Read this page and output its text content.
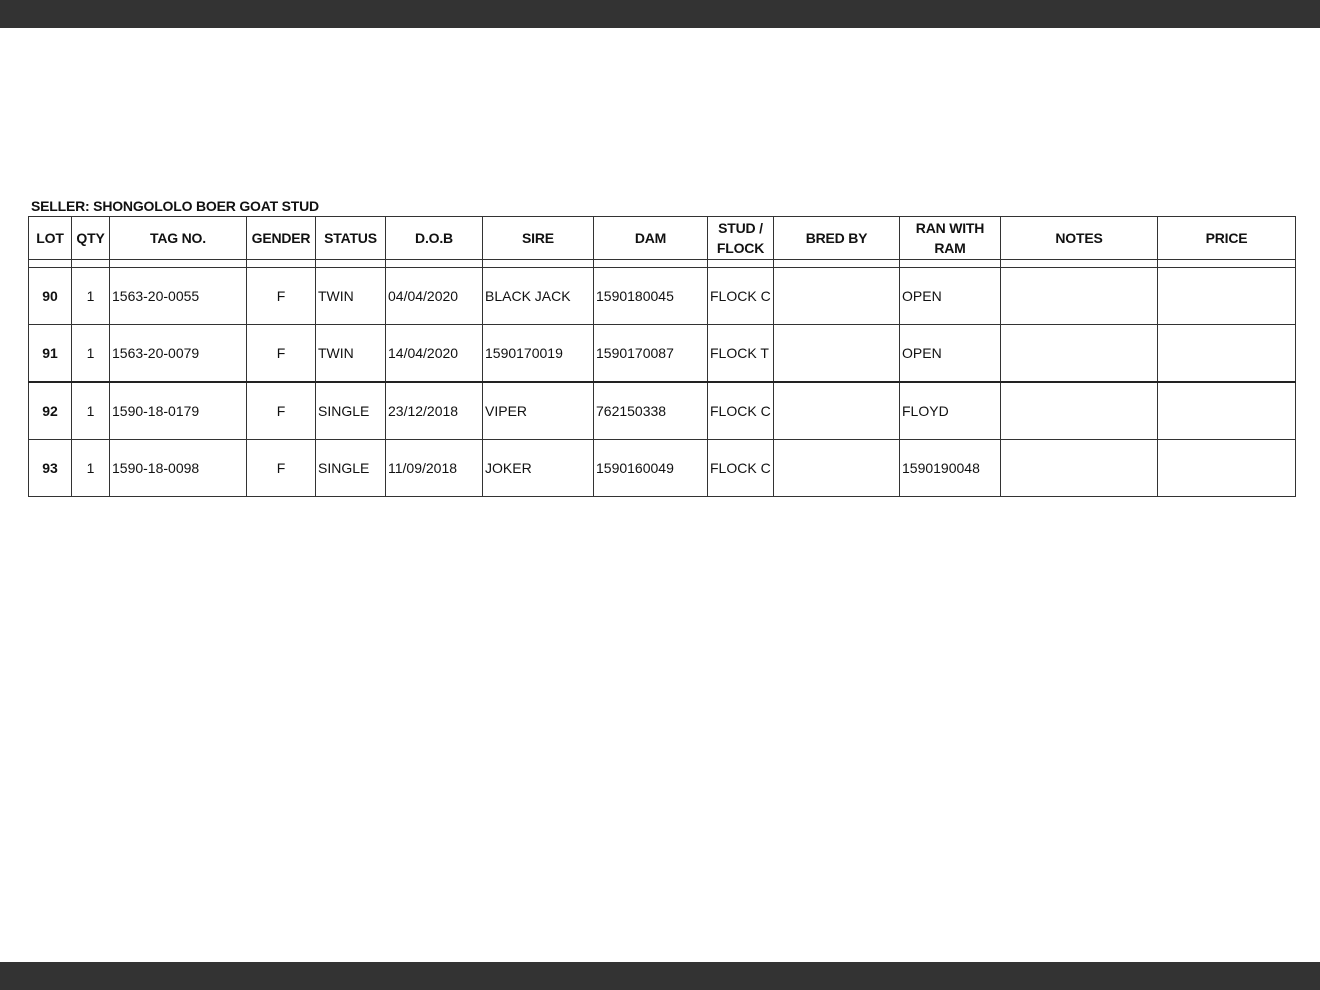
SELLER: SHONGOLOLO BOER GOAT STUD
LOT	QTY	TAG NO.	GENDER	STATUS	D.O.B	SIRE	DAM	STUD / FLOCK	BRED BY	RAN WITH RAM	NOTES	PRICE

90	1	1563-20-0055	F	TWIN	04/04/2020	BLACK JACK	1590180045	FLOCK C		OPEN		
91	1	1563-20-0079	F	TWIN	14/04/2020	1590170019	1590170087	FLOCK T		OPEN		
92	1	1590-18-0179	F	SINGLE	23/12/2018	VIPER	762150338	FLOCK C		FLOYD		
93	1	1590-18-0098	F	SINGLE	11/09/2018	JOKER	1590160049	FLOCK C		1590190048		
